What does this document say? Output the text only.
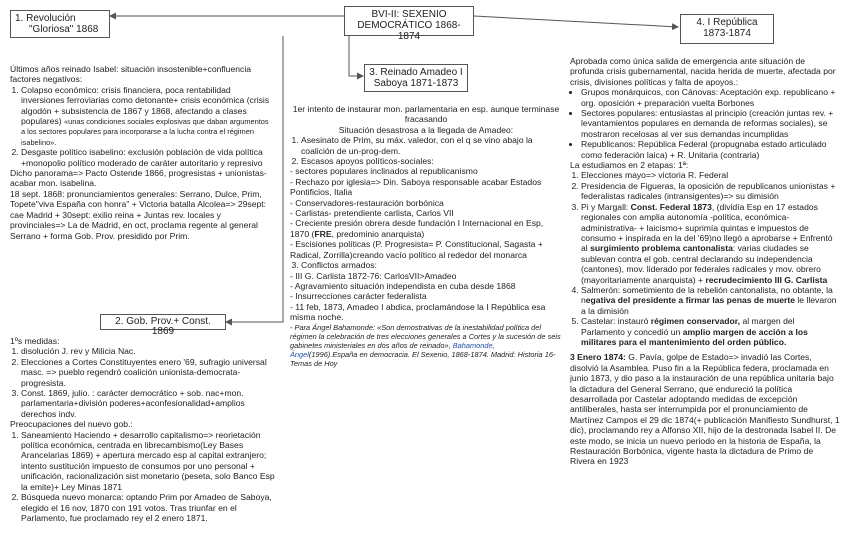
BVI-II: SEXENIO
DEMOCRÁTICO 1868-1874
1. Revolución
"Gloriosa" 1868
4. I República
1873-1874
3. Reinado Amadeo I
Saboya 1871-1873
2. Gob. Prov.+ Const. 1869

Últimos años reinado Isabel: situación insostenible+confluencia factores negativos:

1. Colapso económico: crisis financiera, poca rentabilidad inversiones ferroviarias como detonante+ crisis económica (crisis algodón + subsistencia de 1867 y 1868, afectando a clases populares) «unas condiciones sociales explosivas que daban argumentos a los sectores populares para incorporarse a la lucha contra el régimen isabelino».
2. Desgaste político isabelino: exclusión población de vida política +monopolio político moderado de caráter autoritario y represivo

Dicho panorama=> Pacto Ostende 1866, progresistas + unionistas- acabar mon. isabelina.

18 sept. 1868: pronunciamientos generales: Serrano, Dulce, Prim, Topete"viva España con honra" + Victoria batalla Alcolea=> 29sept: cae Madrid + 30sept: exilio reina + Juntas rev. locales y provinciales=> La de Madrid, en oct, proclama regente al general Serrano + forma Gob. Prov. presidido por Prim.

1ºs medidas:

1. disolución J. rev y Milicia Nac.
2. Elecciones a Cortes Constituyentes enero '69, sufragio universal masc. => pueblo regendró coalición unionista-democrata-progresista.
3. Const. 1869, julio. : carácter democrático + sob. nac+mon. parlamentaria+división poderes+aconfesionalidad+amplios derechos indv.

Preocupaciones del nuevo gob.:

1. Saneamiento Haciendo + desarrollo capitalismo=> reorietación política económica, centrada en librecambismo(Ley Bases Arancelarias 1869) + apertura mercado esp al capital extranjero; intento sustitución impuesto de consumos por uno personal + unificación, racionalización sist monetario (peseta, solo Banco Esp la emite)+ Ley Minas 1871
2. Búsqueda nuevo monarca: optando Prim por Amadeo de Saboya, elegido el 16 nov, 1870 con 191 votos. Tras triunfar en el Parlamento, fue proclamado rey el 2 enero 1871.

1er intento de instaurar mon. parlamentaria en esp. aunque terminase fracasando

Situación desastrosa a la llegada de Amadeo:

1. Asesinato de Prim, su máx. valedor, con el q se vino abajo la coalición de un-prog-dem.
2. Escasos apoyos políticos-sociales:

- sectores populares inclinados al republicanismo

- Rechazo por iglesia=> Din. Saboya responsable acabar Estados Pontificios, Italia

- Conservadores-restauración borbónica

- Carlistas- pretendiente carlista, Carlos VII

- Creciente presión obrera desde fundación I Internacional en Esp, 1870 (FRE, predominio anarquista)

- Escisiones políticas (P. Progresista= P. Constitucional, Sagasta + Radical, Zorrilla)creando vacío político al rededor del monarca

3. Conflictos armados:

- III G. Carlista 1872-76: CarlosVII>Amadeo

- Agravamiento situación independista en cuba desde 1868

- Insurrecciones carácter federalista

- 11 feb, 1873, Amadeo I abdica, proclamándose la I República esa misma noche.

- Para Ángel Bahamonde: «Son demostrativas de la inestabilidad política del régimen la celebración de tres elecciones generales a Cortes y la sucesión de seis gabinetes ministeriales en dos años de reinado», Bahamonde, Ángel(1996).España en democracia. El Sexenio, 1868-1874. Madrid: Historia 16-Temas de Hoy

Aprobada como única salida de emergencia ante situación de profunda crisis gubernamental, nacida herida de muerte, afectada por crisis, divisiones políticas y falta de apoyos.:

• Grupos monárquicos, con Cánovas: Aceptación exp. republicano + org. oposición + preparación vuelta Borbones
• Sectores populares: entusiastas al principio (creación juntas rev. + levantamientos populares en demanda de reformas sociales), se mostraron recelosas al ver sus demandas incumplidas
• Republicanos: República Federal (propugnaba estado articulado como federación laica) + R. Unitaria (contraria)

La estudiamos en 2 etapas: 1ª:

1. Elecciones mayo=> victoria R. Federal
2. Presidencia de Figueras, la oposición de republicanos unionistas + federalistas radicales (intransigentes)=> su dimisión
3. Pi y Margall: Const. Federal 1873, (dividía Esp en 17 estados regionales con amplia autonomía -política, económica-administrativa- + laicismo+ suprimía quintas e impuestos de consumo + inspirada en la del '69)no llegó a aprobarse + Enfrentó al surgimiento problema cantonalista: varias ciudades se sublevan contra el gob. central declarando su independencia (cantones), mov. liderado por federales radicales y mov. obrero (mayoritariamente anarquista) + recrudecimiento III G. Carlista
4. Salmerón: sometimiento de la rebelión cantonalista, no obtante, la negativa del presidente a firmar las penas de muerte le llevaron a la dimisión
5. Castelar: instauró régimen conservador, al margen del Parlamento y concedió un amplio margen de acción a los militares para el mantenimiento del orden público.

3 Enero 1874: G. Pavía, golpe de Estado=> invadió las Cortes, disolvió la Asamblea. Puso fin a la República federa, proclamada en junio 1873, y dio paso a la instauración de una república unitaria bajo la dictadura del General Serrano, que endureció la política desarrollada por Castelar adoptando medidas de excepción antiliberales, hasta ser interrumpida por el pronunciamiento de Martínez Campos el 29 dic 1874(+ publicación Manifiesto Sundhurst, 1 dic), proclamando rey a Alfonso XII, hijo de la destronada Isabel II. De este modo, se inicia un nuevo periodo en la historia de España, la Restauración Borbónica, vigente hasta la dictadura de Primo de Rivera en 1923
